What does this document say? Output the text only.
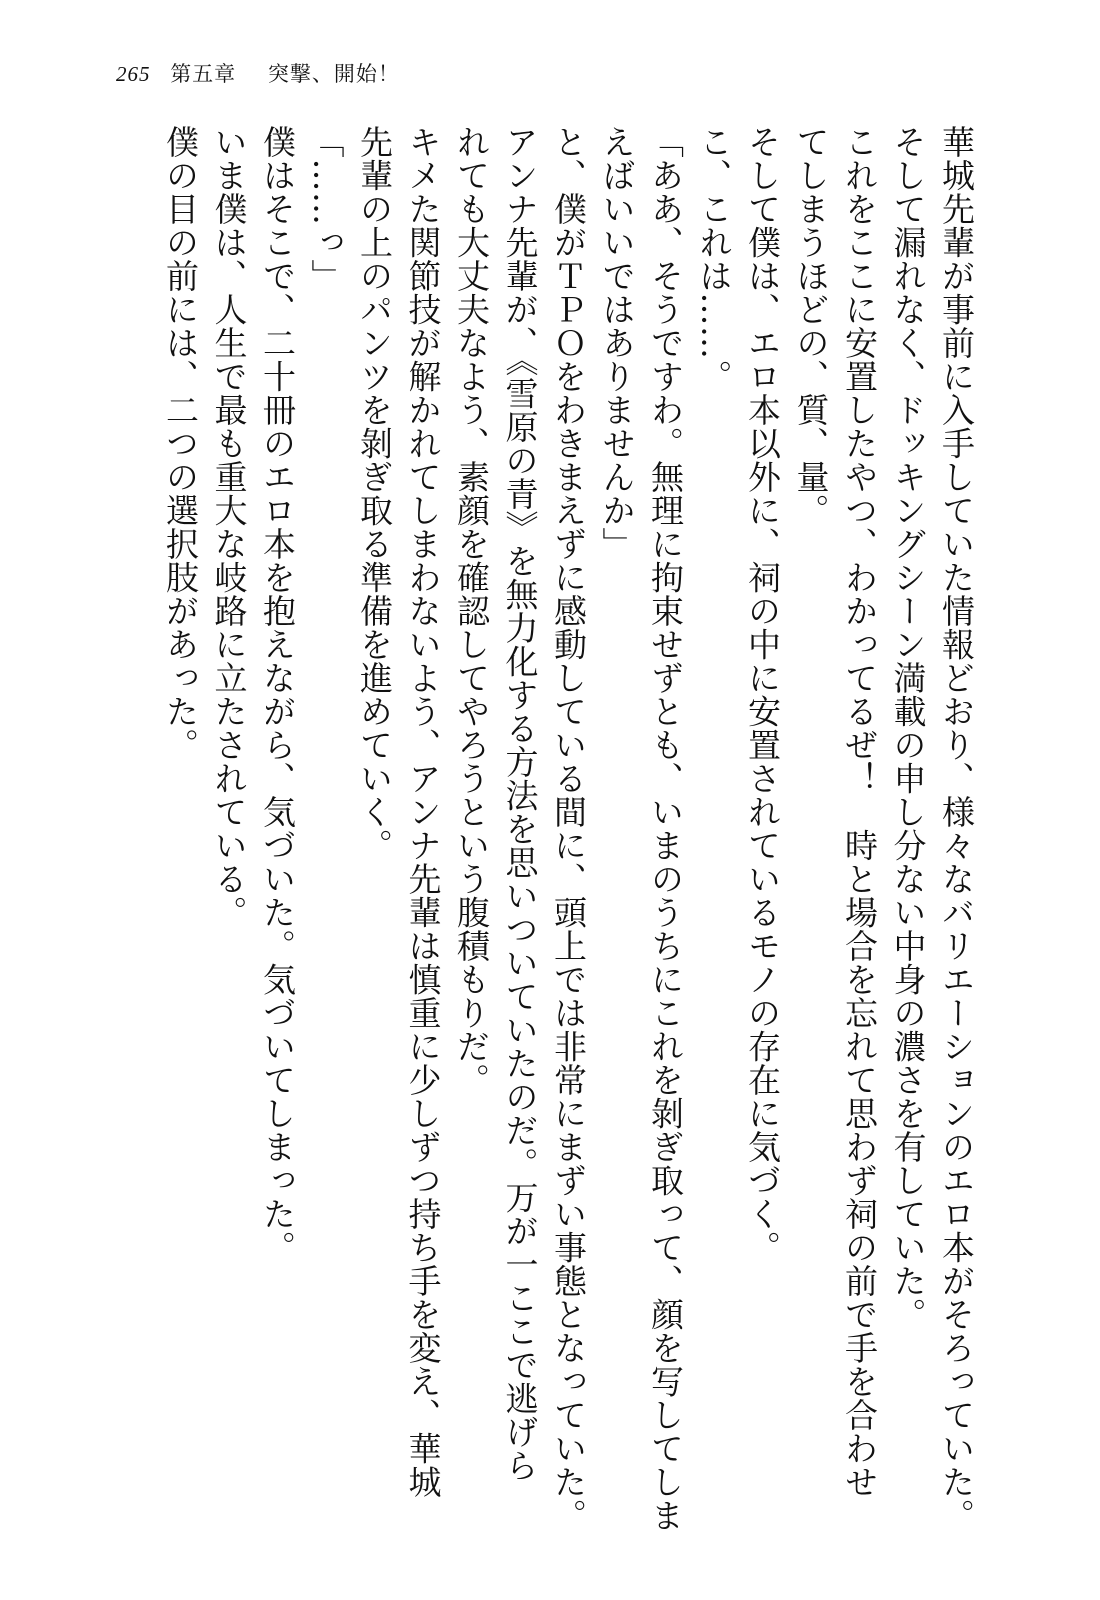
265 第五章 突撃、開始！
華城先輩が事前に入手していた情報どおり、様々なバリエーションのエロ本がそろっていた。
そして漏れなく、ドッキングシーン満載の申し分ない中身の濃さを有していた。
これをここに安置したやつ、わかってるぜ！　時と場合を忘れて思わず祠の前で手を合わせ
てしまうほどの、質、量。
そして僕は、エロ本以外に、祠の中に安置されているモノの存在に気づく。
こ、これは……。
「ああ、そうですわ。無理に拘束せずとも、いまのうちにこれを剝ぎ取って、顔を写してしま
えばいいではありませんか」
と、僕がＴＰＯをわきまえずに感動している間に、頭上では非常にまずい事態となっていた。
アンナ先輩が、《雪原の青》を無力化する方法を思いついていたのだ。万が一ここで逃げら
れても大丈夫なよう、素顔を確認してやろうという腹積もりだ。
キメた関節技が解かれてしまわないよう、アンナ先輩は慎重に少しずつ持ち手を変え、華城
先輩の上のパンツを剝ぎ取る準備を進めていく。
「……っ」
僕はそこで、二十冊のエロ本を抱えながら、気づいた。気づいてしまった。
いま僕は、人生で最も重大な岐路に立たされている。
僕の目の前には、二つの選択肢があった。
